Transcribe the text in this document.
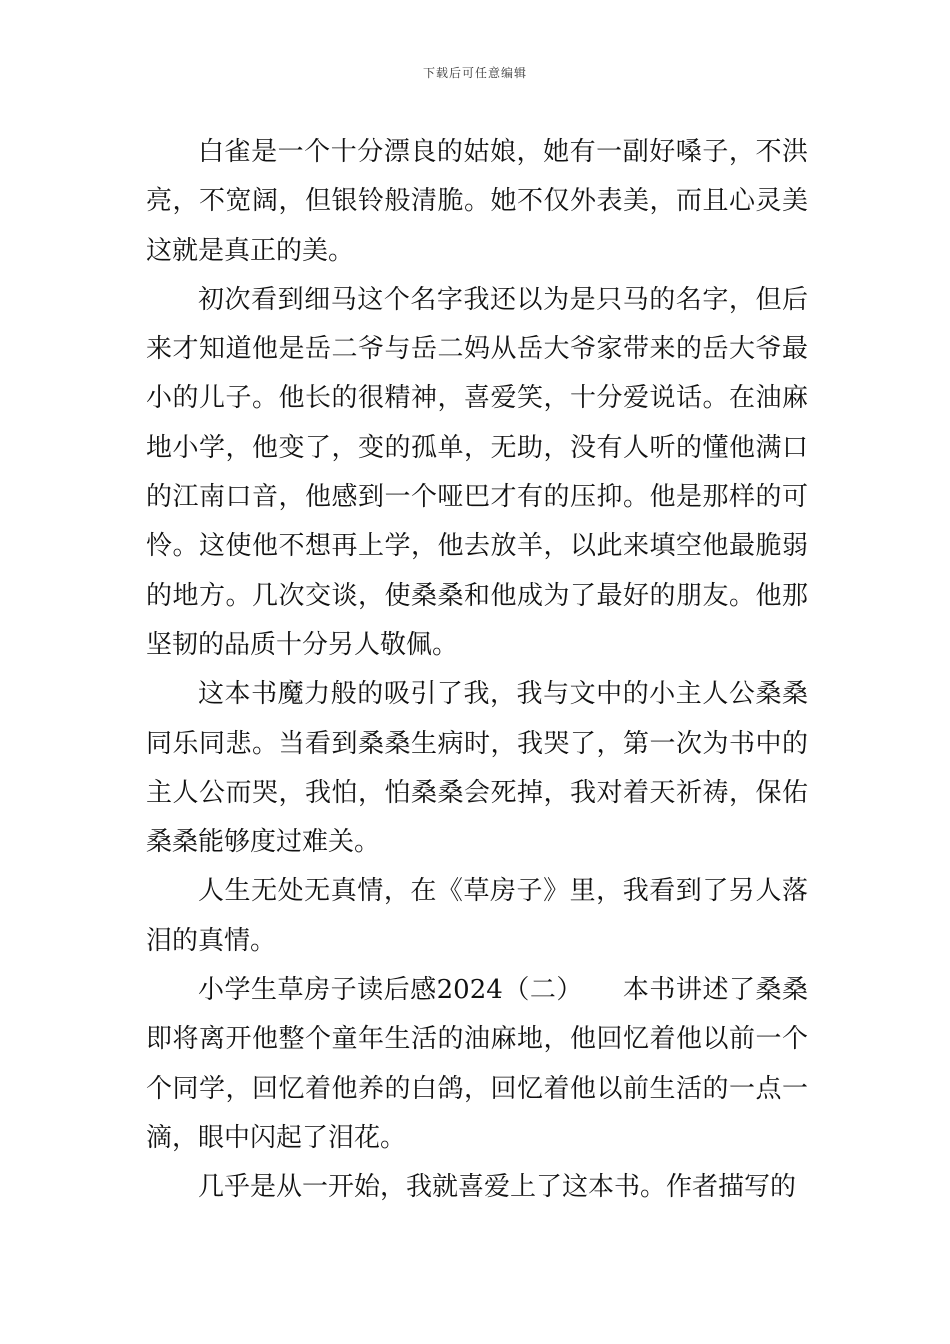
下载后可任意编辑

白雀是一个十分漂良的姑娘，她有一副好嗓子，不洪亮，不宽阔，但银铃般清脆。她不仅外表美，而且心灵美这就是真正的美。

初次看到细马这个名字我还以为是只马的名字，但后来才知道他是岳二爷与岳二妈从岳大爷家带来的岳大爷最小的儿子。他长的很精神，喜爱笑，十分爱说话。在油麻地小学，他变了，变的孤单，无助，没有人听的懂他满口的江南口音，他感到一个哑巴才有的压抑。他是那样的可怜。这使他不想再上学，他去放羊，以此来填空他最脆弱的地方。几次交谈，使桑桑和他成为了最好的朋友。他那坚韧的品质十分另人敬佩。

这本书魔力般的吸引了我，我与文中的小主人公桑桑同乐同悲。当看到桑桑生病时，我哭了，第一次为书中的主人公而哭，我怕，怕桑桑会死掉，我对着天祈祷，保佑桑桑能够度过难关。

人生无处无真情，在《草房子》里，我看到了另人落泪的真情。

小学生草房子读后感2024（二）　　本书讲述了桑桑即将离开他整个童年生活的油麻地，他回忆着他以前一个个同学，回忆着他养的白鸽，回忆着他以前生活的一点一滴，眼中闪起了泪花。

几乎是从一开始，我就喜爱上了这本书。作者描写的
